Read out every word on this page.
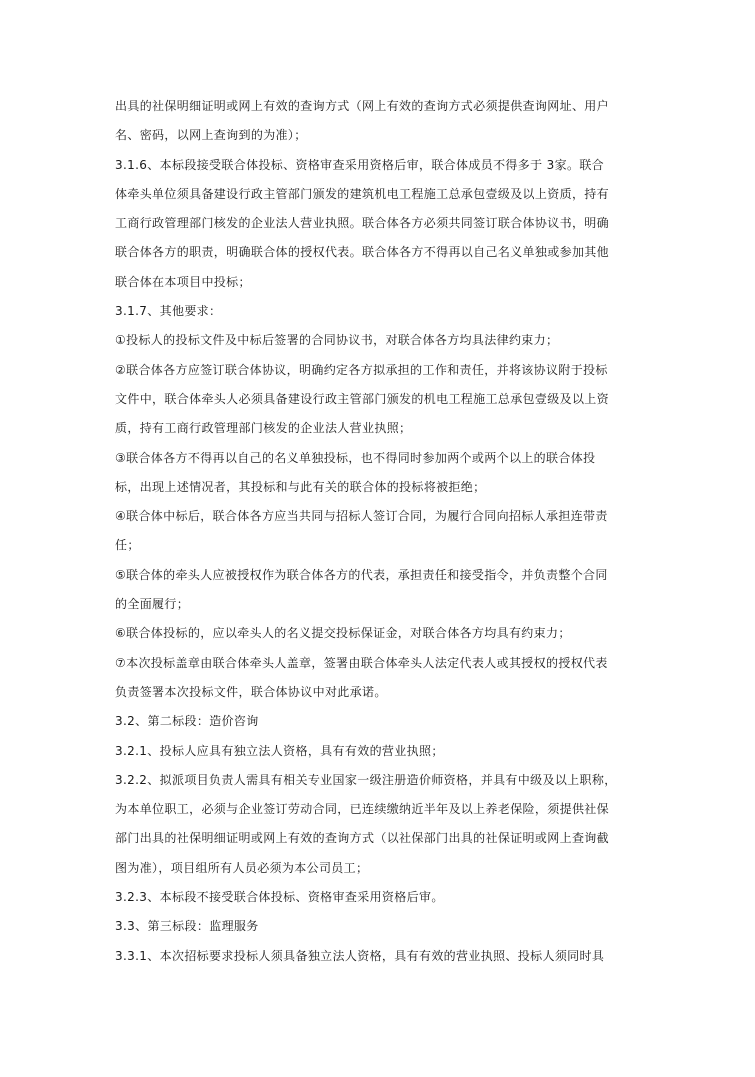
出具的社保明细证明或网上有效的查询方式（网上有效的查询方式必须提供查询网址、用户
名、密码，以网上查询到的为准）；
3.1.6、本标段接受联合体投标、资格审查采用资格后审，联合体成员不得多于 3家。联合
体牵头单位须具备建设行政主管部门颁发的建筑机电工程施工总承包壹级及以上资质，持有
工商行政管理部门核发的企业法人营业执照。联合体各方必须共同签订联合体协议书，明确
联合体各方的职责，明确联合体的授权代表。联合体各方不得再以自己名义单独或参加其他
联合体在本项目中投标；
3.1.7、其他要求：
①投标人的投标文件及中标后签署的合同协议书，对联合体各方均具法律约束力；
②联合体各方应签订联合体协议，明确约定各方拟承担的工作和责任，并将该协议附于投标
文件中，联合体牵头人必须具备建设行政主管部门颁发的机电工程施工总承包壹级及以上资
质，持有工商行政管理部门核发的企业法人营业执照；
③联合体各方不得再以自己的名义单独投标，也不得同时参加两个或两个以上的联合体投
标，出现上述情况者，其投标和与此有关的联合体的投标将被拒绝；
④联合体中标后，联合体各方应当共同与招标人签订合同，为履行合同向招标人承担连带责
任；
⑤联合体的牵头人应被授权作为联合体各方的代表，承担责任和接受指令，并负责整个合同
的全面履行；
⑥联合体投标的，应以牵头人的名义提交投标保证金，对联合体各方均具有约束力；
⑦本次投标盖章由联合体牵头人盖章，签署由联合体牵头人法定代表人或其授权的授权代表
负责签署本次投标文件，联合体协议中对此承诺。
3.2、第二标段：造价咨询
3.2.1、投标人应具有独立法人资格，具有有效的营业执照；
3.2.2、拟派项目负责人需具有相关专业国家一级注册造价师资格，并具有中级及以上职称，
为本单位职工，必须与企业签订劳动合同，已连续缴纳近半年及以上养老保险，须提供社保
部门出具的社保明细证明或网上有效的查询方式（以社保部门出具的社保证明或网上查询截
图为准），项目组所有人员必须为本公司员工；
3.2.3、本标段不接受联合体投标、资格审查采用资格后审。
3.3、第三标段：监理服务
3.3.1、本次招标要求投标人须具备独立法人资格，具有有效的营业执照、投标人须同时具
